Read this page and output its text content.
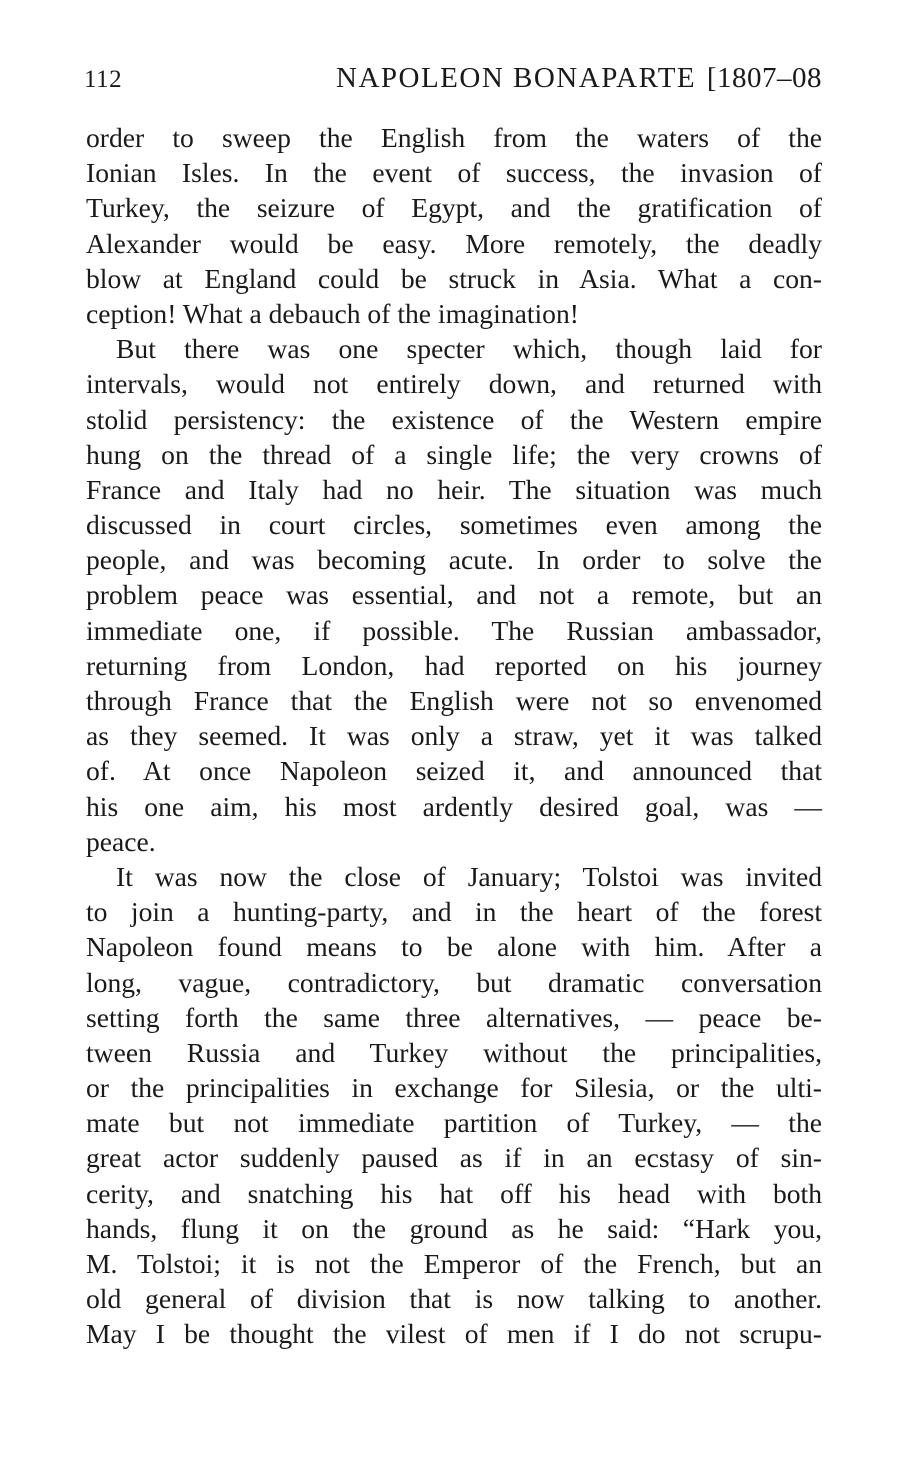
112	NAPOLEON BONAPARTE [1807–08
order to sweep the English from the waters of the
Ionian Isles. In the event of success, the invasion of
Turkey, the seizure of Egypt, and the gratification of
Alexander would be easy. More remotely, the deadly
blow at England could be struck in Asia. What a con-
ception! What a debauch of the imagination!
But there was one specter which, though laid for
intervals, would not entirely down, and returned with
stolid persistency: the existence of the Western empire
hung on the thread of a single life; the very crowns of
France and Italy had no heir. The situation was much
discussed in court circles, sometimes even among the
people, and was becoming acute. In order to solve the
problem peace was essential, and not a remote, but an
immediate one, if possible. The Russian ambassador,
returning from London, had reported on his journey
through France that the English were not so envenomed
as they seemed. It was only a straw, yet it was talked
of. At once Napoleon seized it, and announced that
his one aim, his most ardently desired goal, was —
peace.
It was now the close of January; Tolstoi was invited
to join a hunting-party, and in the heart of the forest
Napoleon found means to be alone with him. After a
long, vague, contradictory, but dramatic conversation
setting forth the same three alternatives, — peace be-
tween Russia and Turkey without the principalities,
or the principalities in exchange for Silesia, or the ulti-
mate but not immediate partition of Turkey, — the
great actor suddenly paused as if in an ecstasy of sin-
cerity, and snatching his hat off his head with both
hands, flung it on the ground as he said: “Hark you,
M. Tolstoi; it is not the Emperor of the French, but an
old general of division that is now talking to another.
May I be thought the vilest of men if I do not scrupu-
